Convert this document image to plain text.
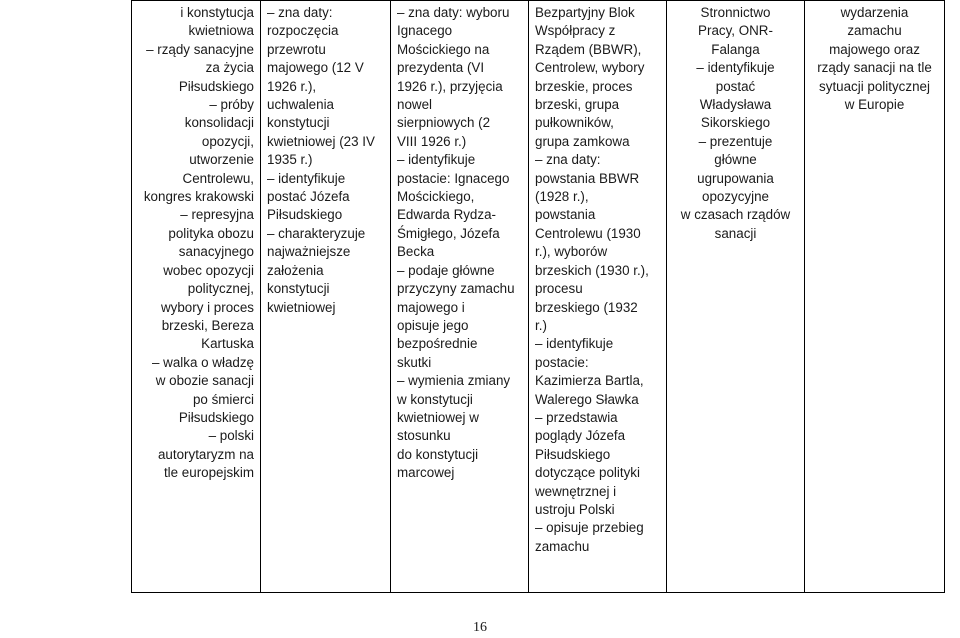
i konstytucja
kwietniowa
– rządy sanacyjne
za życia
Piłsudskiego
– próby
konsolidacji
opozycji,
utworzenie
Centrolewu,
kongres krakowski
– represyjna
polityka obozu
sanacyjnego
wobec opozycji
politycznej,
wybory i proces
brzeski, Bereza
Kartuska
– walka o władzę
w obozie sanacji
po śmierci
Piłsudskiego
– polski
autorytaryzm na
tle europejskim

– zna daty:
rozpoczęcia
przewrotu
majowego (12 V
1926 r.),
uchwalenia
konstytucji
kwietniowej (23 IV
1935 r.)
– identyfikuje
postać Józefa
Piłsudskiego
– charakteryzuje
najważniejsze
założenia
konstytucji
kwietniowej

– zna daty: wyboru
Ignacego
Mościckiego na
prezydenta (VI
1926 r.), przyjęcia
nowel
sierpniowych (2
VIII 1926 r.)
– identyfikuje
postacie: Ignacego
Mościckiego,
Edwarda Rydza-
Śmigłego, Józefa
Becka
– podaje główne
przyczyny zamachu
majowego i
opisuje jego
bezpośrednie
skutki
– wymienia zmiany
w konstytucji
kwietniowej w
stosunku
do konstytucji
marcowej

Bezpartyjny Blok
Współpracy z
Rządem (BBWR),
Centrolew, wybory
brzeskie, proces
brzeski, grupa
pułkowników,
grupa zamkowa
– zna daty:
powstania BBWR
(1928 r.),
powstania
Centrolewu (1930
r.), wyborów
brzeskich (1930 r.),
procesu
brzeskiego (1932
r.)
– identyfikuje
postacie:
Kazimierza Bartla,
Walerego Sławka
– przedstawia
poglądy Józefa
Piłsudskiego
dotyczące polityki
wewnętrznej i
ustroju Polski
– opisuje przebieg
zamachu

Stronnictwo
Pracy, ONR-
Falanga
– identyfikuje
postać
Władysława
Sikorskiego
– prezentuje
główne
ugrupowania
opozycyjne
w czasach rządów
sanacji

wydarzenia
zamachu
majowego oraz
rządy sanacji na tle
sytuacji politycznej
w Europie
16
